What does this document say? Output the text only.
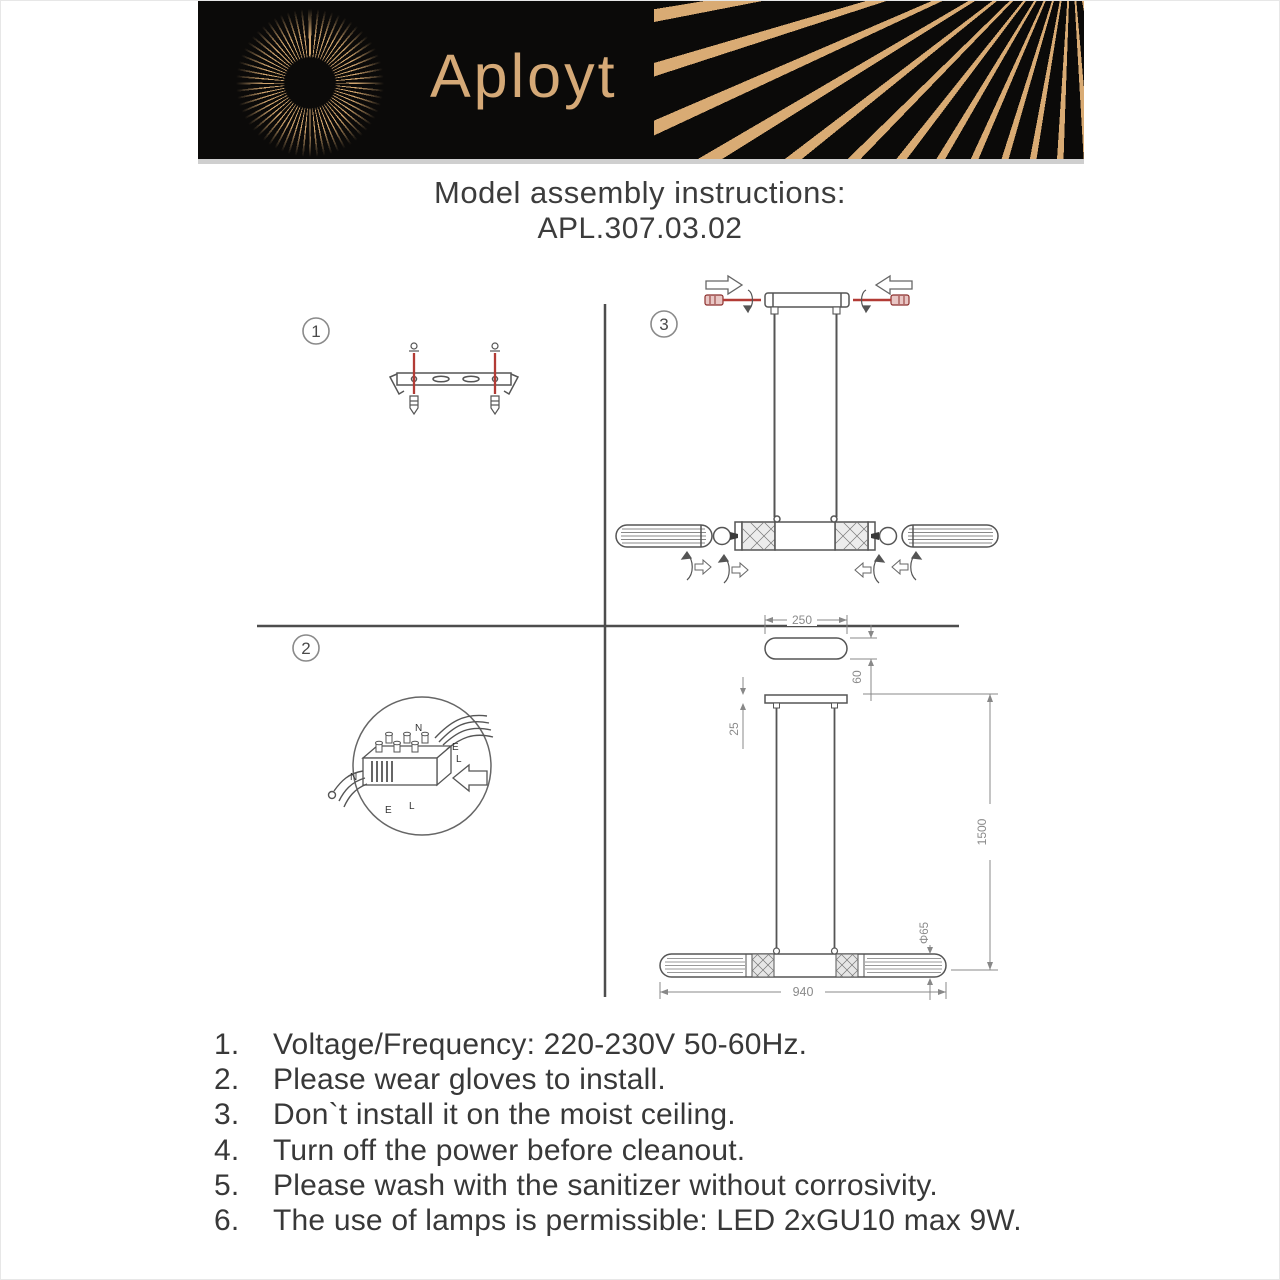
Aployt
Model assembly instructions:
APL.307.03.02
1	3
2
N
E
L
N
E L
250
60
25
940
1500
Φ65
1.	Voltage/Frequency: 220-230V 50-60Hz.
2.	Please wear gloves to install.
3.	Don`t install it on the moist ceiling.
4.	Turn off the power before cleanout.
5.	Please wash with the sanitizer without corrosivity.
6.	The use of lamps is permissible: LED 2xGU10 max 9W.
